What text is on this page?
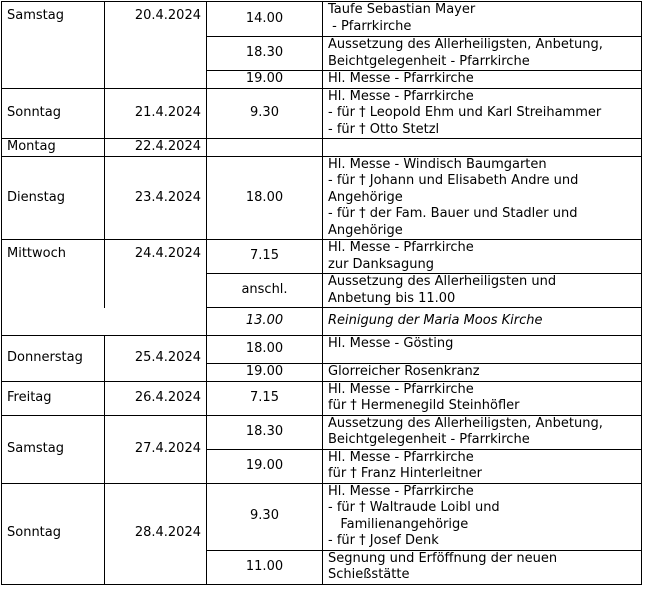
Samstag	20.4.2024	14.00	Taufe Sebastian Mayer
- Pfarrkirche

		18.30	Aussetzung des Allerheiligsten, Anbetung,
Beichtgelegenheit - Pfarrkirche

		19.00	Hl. Messe - Pfarrkirche

Sonntag	21.4.2024	9.30	Hl. Messe - Pfarrkirche
- für † Leopold Ehm und Karl Streihammer
- für † Otto Stetzl

Montag	22.4.2024		

Dienstag	23.4.2024	18.00	Hl. Messe - Windisch Baumgarten
- für † Johann und Elisabeth Andre und
Angehörige
- für † der Fam. Bauer und Stadler und
Angehörige

Mittwoch	24.4.2024	7.15	Hl. Messe - Pfarrkirche
zur Danksagung

		anschl.	Aussetzung des Allerheiligsten und
Anbetung bis 11.00

		13.00	Reinigung der Maria Moos Kirche

Donnerstag	25.4.2024	18.00	Hl. Messe - Gösting

		19.00	Glorreicher Rosenkranz

Freitag	26.4.2024	7.15	Hl. Messe - Pfarrkirche
für † Hermenegild Steinhöfler

Samstag	27.4.2024	18.30	Aussetzung des Allerheiligsten, Anbetung,
Beichtgelegenheit - Pfarrkirche

		19.00	Hl. Messe - Pfarrkirche
für † Franz Hinterleitner

Sonntag	28.4.2024	9.30	Hl. Messe - Pfarrkirche
- für † Waltraude Loibl und
Familienangehörige
- für † Josef Denk

		11.00	Segnung und Erföffnung der neuen
Schießstätte
